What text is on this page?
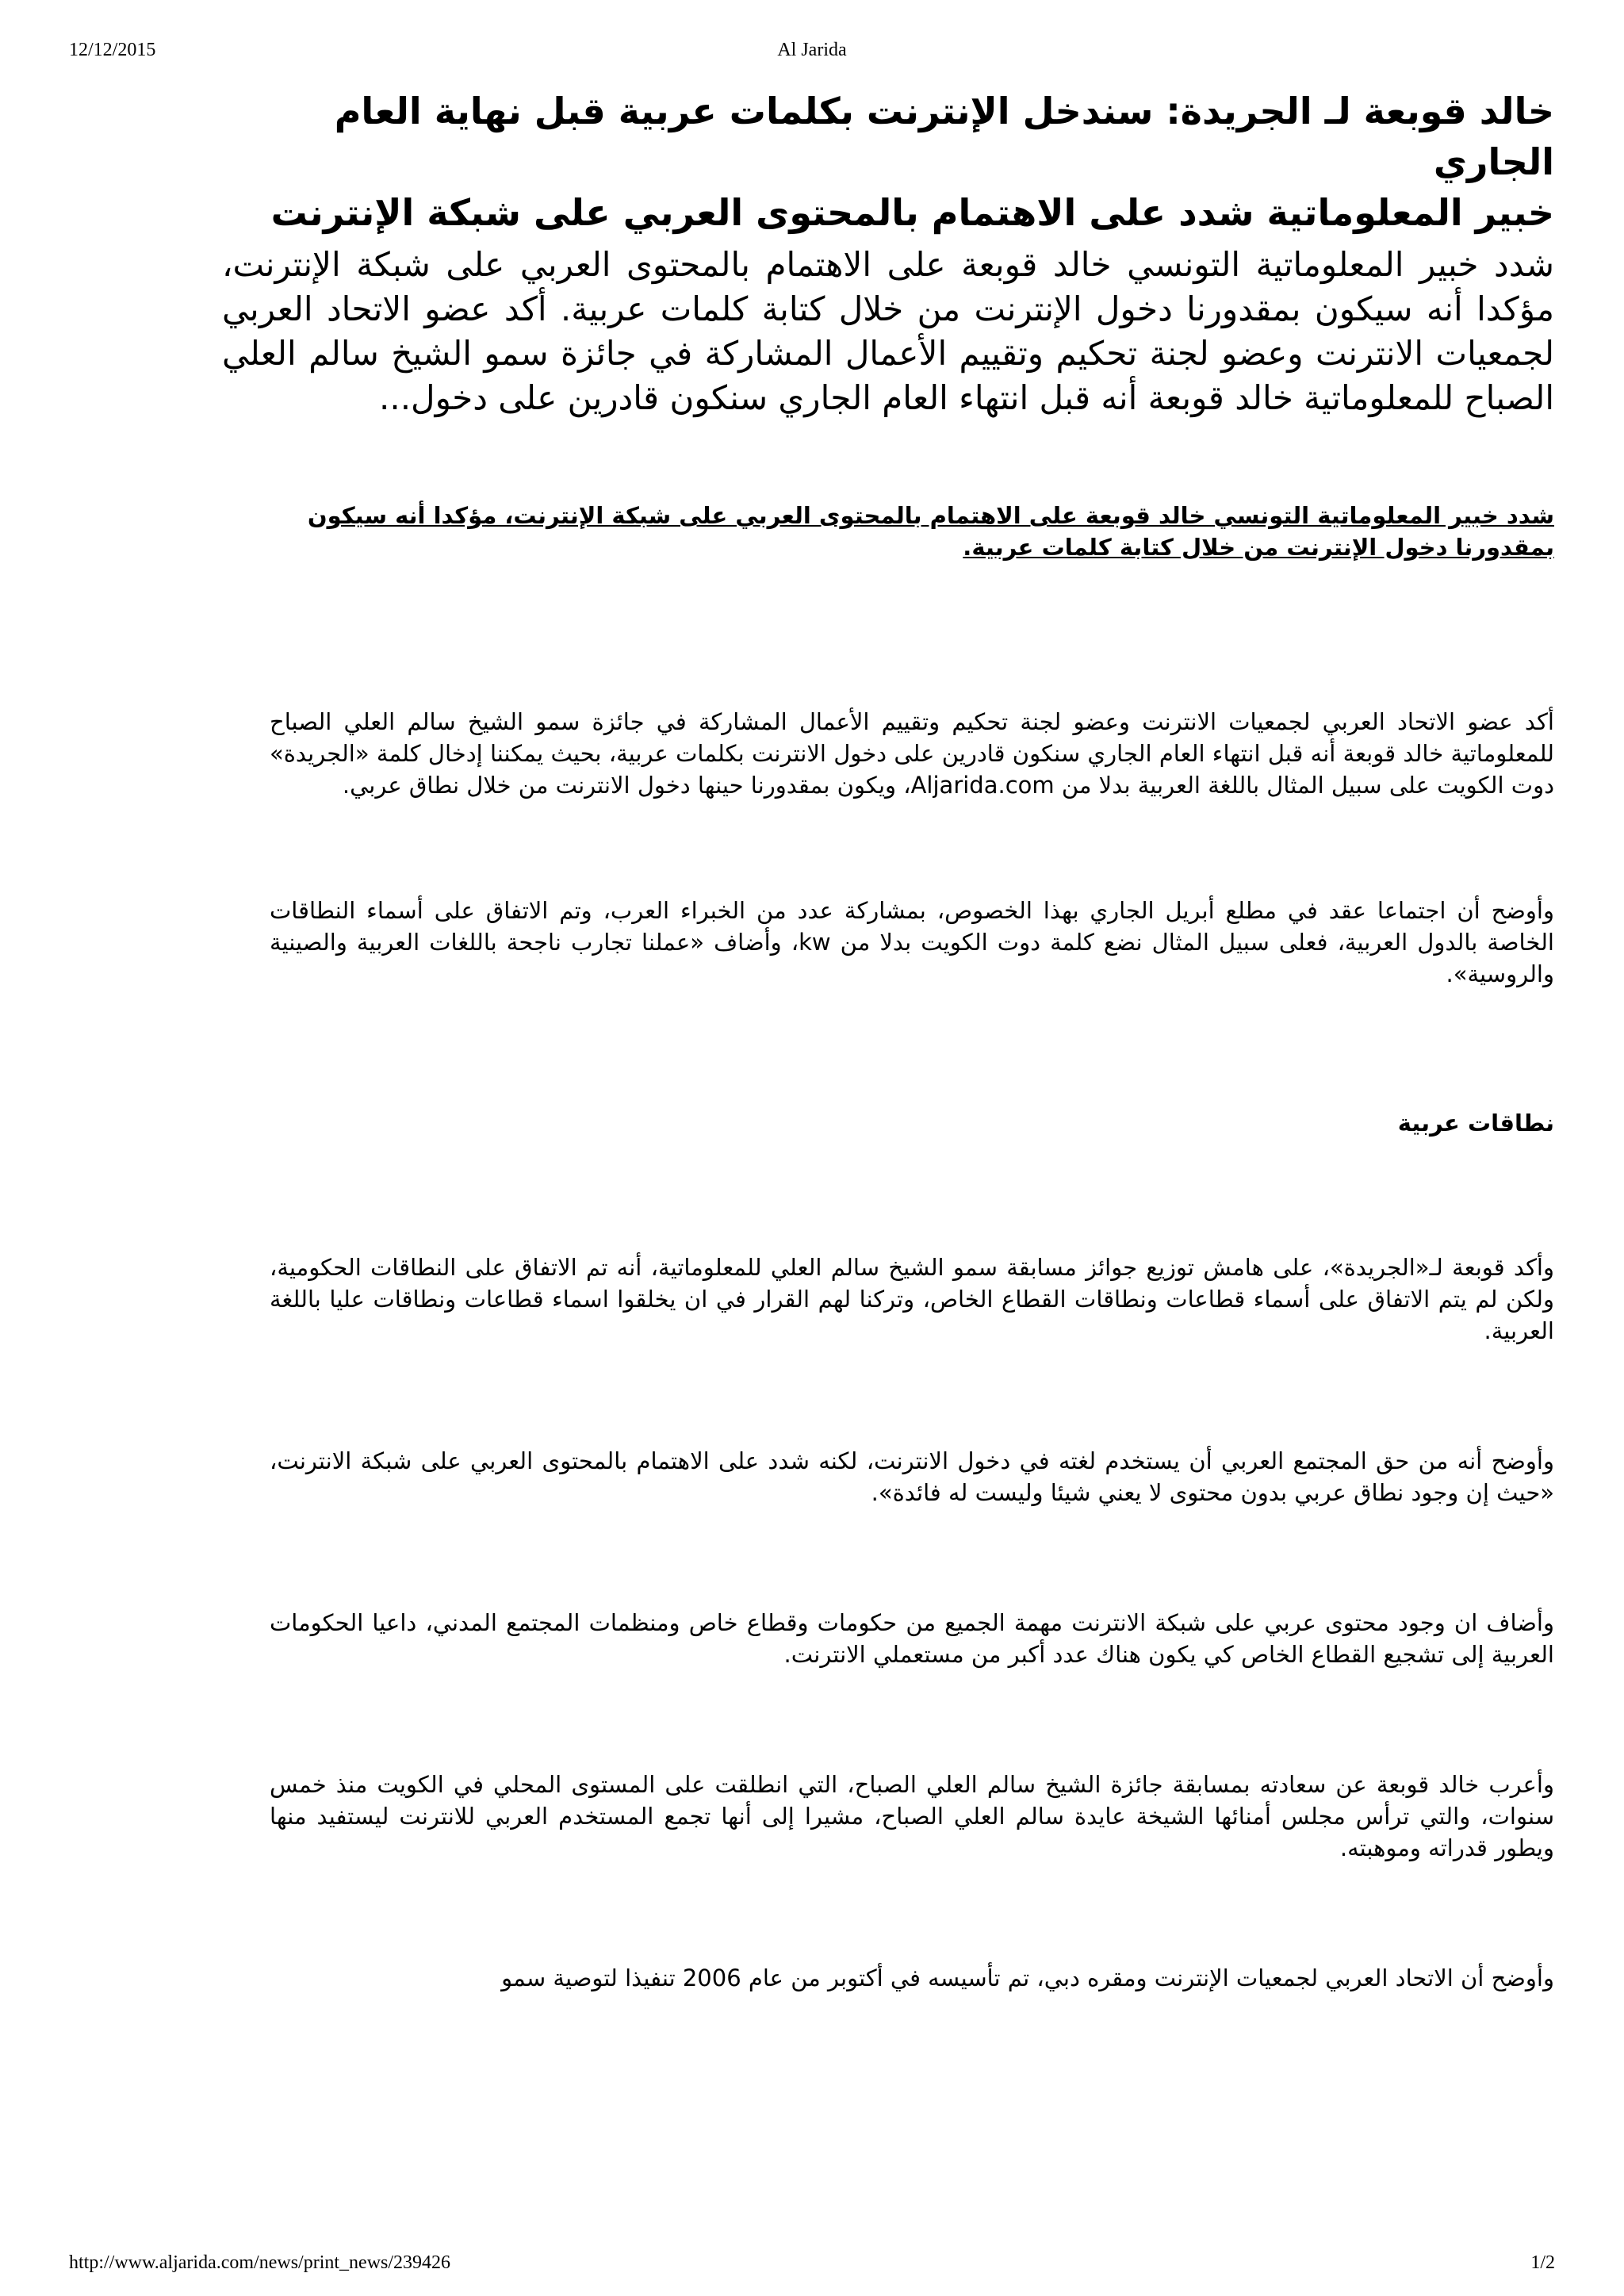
12/12/2015	Al Jarida
خالد قوبعة لـ الجريدة: سندخل الإنترنت بكلمات عربية قبل نهاية العام الجاري
خبير المعلوماتية شدد على الاهتمام بالمحتوى العربي على شبكة الإنترنت

شدد خبير المعلوماتية التونسي خالد قوبعة على الاهتمام بالمحتوى العربي على شبكة الإنترنت، مؤكدا أنه سيكون بمقدورنا دخول الإنترنت من خلال كتابة كلمات عربية. أكد عضو الاتحاد العربي لجمعيات الانترنت وعضو لجنة تحكيم وتقييم الأعمال المشاركة في جائزة سمو الشيخ سالم العلي الصباح للمعلوماتية خالد قوبعة أنه قبل انتهاء العام الجاري سنكون قادرين على دخول...

شدد خبير المعلوماتية التونسي خالد قوبعة على الاهتمام بالمحتوى العربي على شبكة الإنترنت، مؤكدا أنه سيكون بمقدورنا دخول الإنترنت من خلال كتابة كلمات عربية.

أكد عضو الاتحاد العربي لجمعيات الانترنت وعضو لجنة تحكيم وتقييم الأعمال المشاركة في جائزة سمو الشيخ سالم العلي الصباح للمعلوماتية خالد قوبعة أنه قبل انتهاء العام الجاري سنكون قادرين على دخول الانترنت بكلمات عربية، بحيث يمكننا إدخال كلمة «الجريدة» دوت الكويت على سبيل المثال باللغة العربية بدلا من Aljarida.com، ويكون بمقدورنا حينها دخول الانترنت من خلال نطاق عربي.

وأوضح أن اجتماعا عقد في مطلع أبريل الجاري بهذا الخصوص، بمشاركة عدد من الخبراء العرب، وتم الاتفاق على أسماء النطاقات الخاصة بالدول العربية، فعلى سبيل المثال نضع كلمة دوت الكويت بدلا من kw، وأضاف «عملنا تجارب ناجحة باللغات العربية والصينية والروسية».

نطاقات عربية

وأكد قوبعة لـ«الجريدة»، على هامش توزيع جوائز مسابقة سمو الشيخ سالم العلي للمعلوماتية، أنه تم الاتفاق على النطاقات الحكومية، ولكن لم يتم الاتفاق على أسماء قطاعات ونطاقات القطاع الخاص، وتركنا لهم القرار في ان يخلقوا اسماء قطاعات ونطاقات عليا باللغة العربية.

وأوضح أنه من حق المجتمع العربي أن يستخدم لغته في دخول الانترنت، لكنه شدد على الاهتمام بالمحتوى العربي على شبكة الانترنت، «حيث إن وجود نطاق عربي بدون محتوى لا يعني شيئا وليست له فائدة».

وأضاف ان وجود محتوى عربي على شبكة الانترنت مهمة الجميع من حكومات وقطاع خاص ومنظمات المجتمع المدني، داعيا الحكومات العربية إلى تشجيع القطاع الخاص كي يكون هناك عدد أكبر من مستعملي الانترنت.

وأعرب خالد قوبعة عن سعادته بمسابقة جائزة الشيخ سالم العلي الصباح، التي انطلقت على المستوى المحلي في الكويت منذ خمس سنوات، والتي ترأس مجلس أمنائها الشيخة عايدة سالم العلي الصباح، مشيرا إلى أنها تجمع المستخدم العربي للانترنت ليستفيد منها ويطور قدراته وموهبته.

وأوضح أن الاتحاد العربي لجمعيات الإنترنت ومقره دبي، تم تأسيسه في أكتوبر من عام 2006 تنفيذا لتوصية سمو

http://www.aljarida.com/news/print_news/239426	1/2
